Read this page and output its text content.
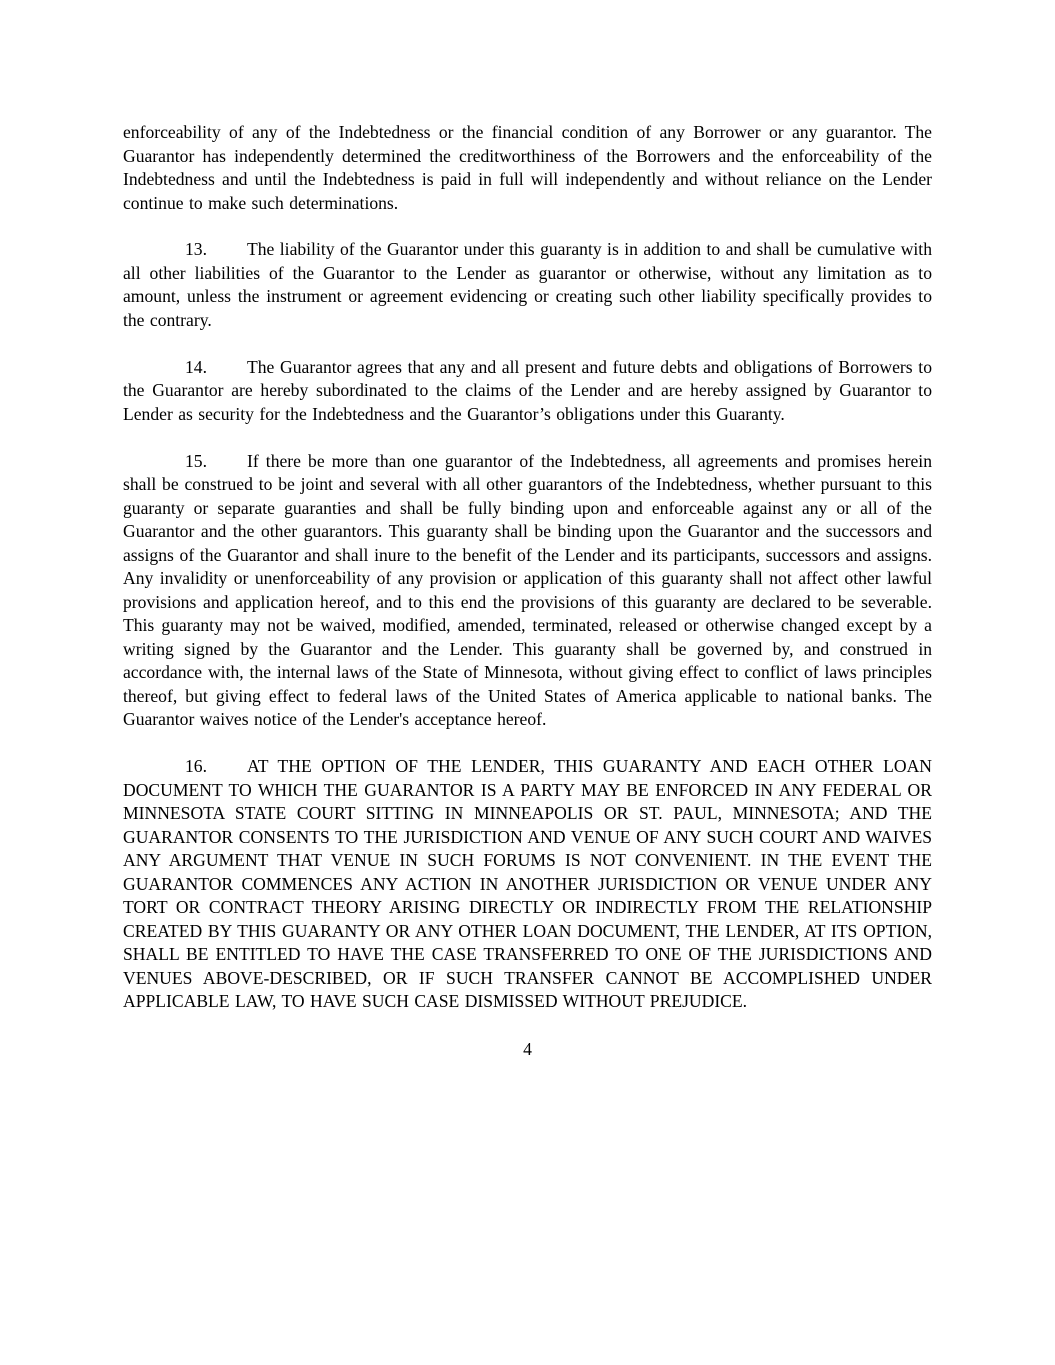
enforceability of any of the Indebtedness or the financial condition of any Borrower or any guarantor. The Guarantor has independently determined the creditworthiness of the Borrowers and the enforceability of the Indebtedness and until the Indebtedness is paid in full will independently and without reliance on the Lender continue to make such determinations.

13. The liability of the Guarantor under this guaranty is in addition to and shall be cumulative with all other liabilities of the Guarantor to the Lender as guarantor or otherwise, without any limitation as to amount, unless the instrument or agreement evidencing or creating such other liability specifically provides to the contrary.

14. The Guarantor agrees that any and all present and future debts and obligations of Borrowers to the Guarantor are hereby subordinated to the claims of the Lender and are hereby assigned by Guarantor to Lender as security for the Indebtedness and the Guarantor’s obligations under this Guaranty.

15. If there be more than one guarantor of the Indebtedness, all agreements and promises herein shall be construed to be joint and several with all other guarantors of the Indebtedness, whether pursuant to this guaranty or separate guaranties and shall be fully binding upon and enforceable against any or all of the Guarantor and the other guarantors. This guaranty shall be binding upon the Guarantor and the successors and assigns of the Guarantor and shall inure to the benefit of the Lender and its participants, successors and assigns. Any invalidity or unenforceability of any provision or application of this guaranty shall not affect other lawful provisions and application hereof, and to this end the provisions of this guaranty are declared to be severable. This guaranty may not be waived, modified, amended, terminated, released or otherwise changed except by a writing signed by the Guarantor and the Lender. This guaranty shall be governed by, and construed in accordance with, the internal laws of the State of Minnesota, without giving effect to conflict of laws principles thereof, but giving effect to federal laws of the United States of America applicable to national banks. The Guarantor waives notice of the Lender's acceptance hereof.

16. AT THE OPTION OF THE LENDER, THIS GUARANTY AND EACH OTHER LOAN DOCUMENT TO WHICH THE GUARANTOR IS A PARTY MAY BE ENFORCED IN ANY FEDERAL OR MINNESOTA STATE COURT SITTING IN MINNEAPOLIS OR ST. PAUL, MINNESOTA; AND THE GUARANTOR CONSENTS TO THE JURISDICTION AND VENUE OF ANY SUCH COURT AND WAIVES ANY ARGUMENT THAT VENUE IN SUCH FORUMS IS NOT CONVENIENT. IN THE EVENT THE GUARANTOR COMMENCES ANY ACTION IN ANOTHER JURISDICTION OR VENUE UNDER ANY TORT OR CONTRACT THEORY ARISING DIRECTLY OR INDIRECTLY FROM THE RELATIONSHIP CREATED BY THIS GUARANTY OR ANY OTHER LOAN DOCUMENT, THE LENDER, AT ITS OPTION, SHALL BE ENTITLED TO HAVE THE CASE TRANSFERRED TO ONE OF THE JURISDICTIONS AND VENUES ABOVE-DESCRIBED, OR IF SUCH TRANSFER CANNOT BE ACCOMPLISHED UNDER APPLICABLE LAW, TO HAVE SUCH CASE DISMISSED WITHOUT PREJUDICE.

4
